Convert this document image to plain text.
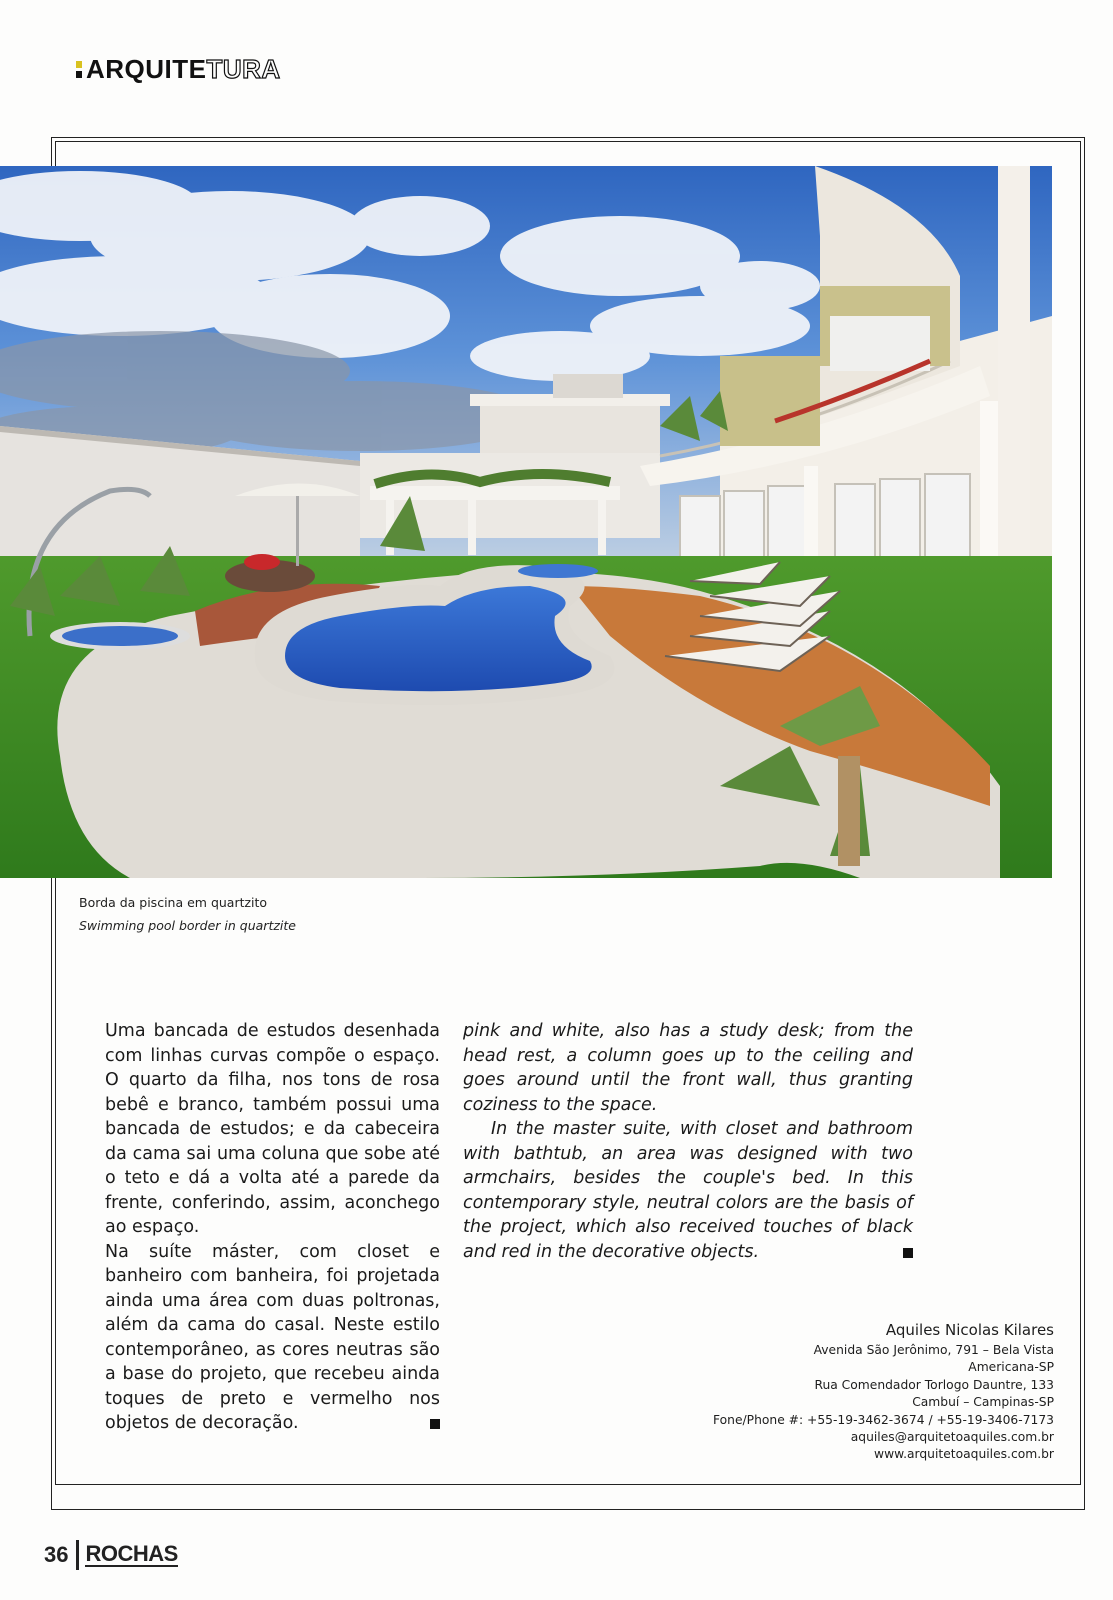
ARQUITETURA
Borda da piscina em quartzito
Swimming pool border in quartzite

Uma bancada de estudos desenhada com linhas curvas compõe o espaço. O quarto da filha, nos tons de rosa bebê e branco, também possui uma bancada de estudos; e da cabeceira da cama sai uma coluna que sobe até o teto e dá a volta até a parede da frente, conferindo, assim, aconchego ao espaço.

Na suíte máster, com closet e banheiro com banheira, foi projetada ainda uma área com duas poltronas, além da cama do casal. Neste estilo contemporâneo, as cores neutras são a base do projeto, que recebeu ainda toques de preto e vermelho nos objetos de decoração.

pink and white, also has a study desk; from the head rest, a column goes up to the ceiling and goes around until the front wall, thus granting coziness to the space.

In the master suite, with closet and bathroom with bathtub, an area was designed with two armchairs, besides the couple's bed. In this contemporary style, neutral colors are the basis of the project, which also received touches of black and red in the decorative objects.

Aquiles Nicolas Kilares
Avenida São Jerônimo, 791 – Bela Vista
Americana-SP
Rua Comendador Torlogo Dauntre, 133
Cambuí – Campinas-SP
Fone/Phone #: +55-19-3462-3674 / +55-19-3406-7173
aquiles@arquitetoaquiles.com.br
www.arquitetoaquiles.com.br
36 ROCHAS
